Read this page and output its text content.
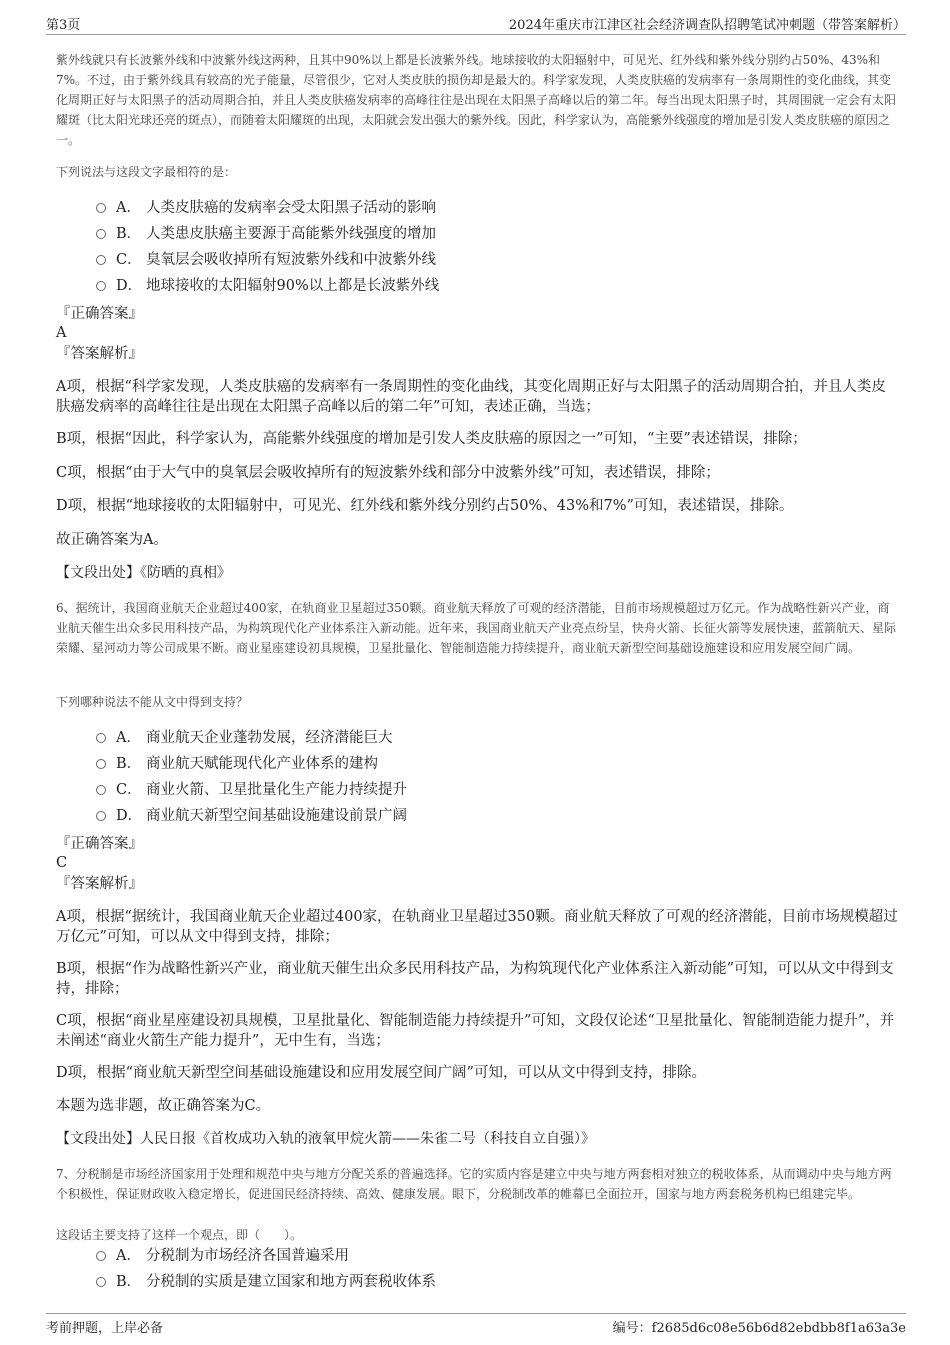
第3页	2024年重庆市江津区社会经济调查队招聘笔试冲刺题（带答案解析）
紫外线就只有长波紫外线和中波紫外线这两种，且其中90%以上都是长波紫外线。地球接收的太阳辐射中，可见光、红外线和紫外线分别约占50%、43%和7%。不过，由于紫外线具有较高的光子能量，尽管很少，它对人类皮肤的损伤却是最大的。科学家发现，人类皮肤癌的发病率有一条周期性的变化曲线，其变化周期正好与太阳黑子的活动周期合拍，并且人类皮肤癌发病率的高峰往往是出现在太阳黑子高峰以后的第二年。每当出现太阳黑子时，其周围就一定会有太阳耀斑（比太阳光球还亮的斑点），而随着太阳耀斑的出现，太阳就会发出强大的紫外线。因此，科学家认为，高能紫外线强度的增加是引发人类皮肤癌的原因之一。
下列说法与这段文字最相符的是：
A． 人类皮肤癌的发病率会受太阳黑子活动的影响
B． 人类患皮肤癌主要源于高能紫外线强度的增加
C． 臭氧层会吸收掉所有短波紫外线和中波紫外线
D． 地球接收的太阳辐射90%以上都是长波紫外线
『正确答案』
A
『答案解析』
A项，根据“科学家发现，人类皮肤癌的发病率有一条周期性的变化曲线，其变化周期正好与太阳黑子的活动周期合拍，并且人类皮肤癌发病率的高峰往往是出现在太阳黑子高峰以后的第二年”可知，表述正确，当选；
B项，根据“因此，科学家认为，高能紫外线强度的增加是引发人类皮肤癌的原因之一”可知，“主要”表述错误，排除；
C项，根据“由于大气中的臭氧层会吸收掉所有的短波紫外线和部分中波紫外线”可知，表述错误，排除；
D项，根据“地球接收的太阳辐射中，可见光、红外线和紫外线分别约占50%、43%和7%”可知，表述错误，排除。
故正确答案为A。
【文段出处】《防晒的真相》
6、据统计，我国商业航天企业超过400家，在轨商业卫星超过350颗。商业航天释放了可观的经济潜能，目前市场规模超过万亿元。作为战略性新兴产业，商业航天催生出众多民用科技产品，为构筑现代化产业体系注入新动能。近年来，我国商业航天产业亮点纷呈，快舟火箭、长征火箭等发展快速，蓝箭航天、星际荣耀、星河动力等公司成果不断。商业星座建设初具规模，卫星批量化、智能制造能力持续提升，商业航天新型空间基础设施建设和应用发展空间广阔。
下列哪种说法不能从文中得到支持？
A． 商业航天企业蓬勃发展，经济潜能巨大
B． 商业航天赋能现代化产业体系的建构
C． 商业火箭、卫星批量化生产能力持续提升
D． 商业航天新型空间基础设施建设前景广阔
『正确答案』
C
『答案解析』
A项，根据“据统计，我国商业航天企业超过400家，在轨商业卫星超过350颗。商业航天释放了可观的经济潜能，目前市场规模超过万亿元”可知，可以从文中得到支持，排除；
B项，根据“作为战略性新兴产业，商业航天催生出众多民用科技产品，为构筑现代化产业体系注入新动能”可知，可以从文中得到支持，排除；
C项，根据“商业星座建设初具规模，卫星批量化、智能制造能力持续提升”可知，文段仅论述“卫星批量化、智能制造能力提升”，并未阐述“商业火箭生产能力提升”，无中生有，当选；
D项，根据“商业航天新型空间基础设施建设和应用发展空间广阔”可知，可以从文中得到支持，排除。
本题为选非题，故正确答案为C。
【文段出处】人民日报《首枚成功入轨的液氧甲烷火箭——朱雀二号（科技自立自强）》
7、分税制是市场经济国家用于处理和规范中央与地方分配关系的普遍选择。它的实质内容是建立中央与地方两套相对独立的税收体系，从而调动中央与地方两个积极性，保证财政收入稳定增长，促进国民经济持续、高效、健康发展。眼下，分税制改革的帷幕已全面拉开，国家与地方两套税务机构已组建完毕。
这段话主要支持了这样一个观点，即（　　）。
A． 分税制为市场经济各国普遍采用
B． 分税制的实质是建立国家和地方两套税收体系
考前押题，上岸必备	编号：f2685d6c08e56b6d82ebdbb8f1a63a3e
